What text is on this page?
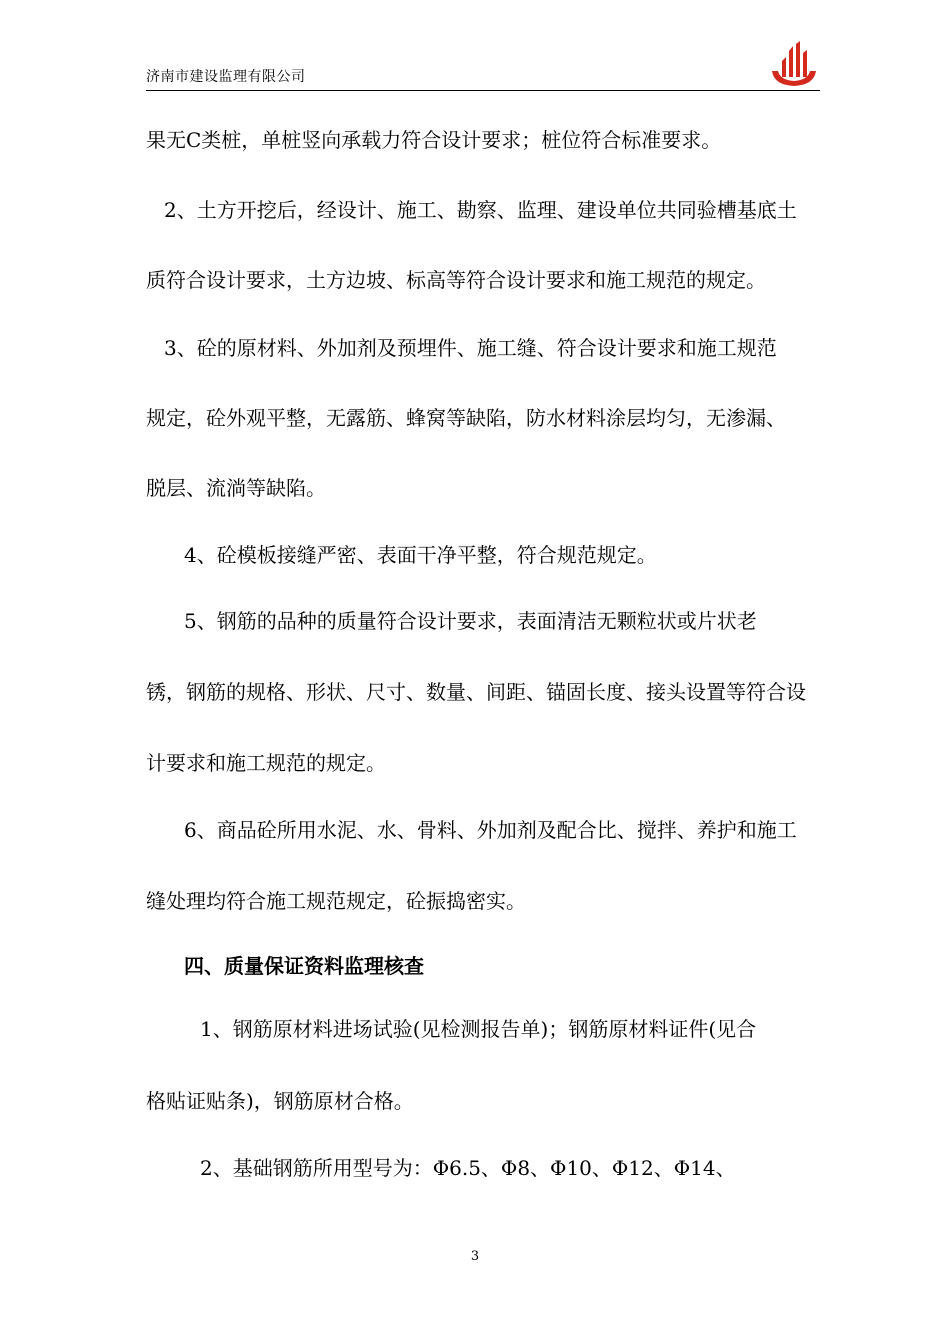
济南市建设监理有限公司
果无C类桩，单桩竖向承载力符合设计要求；桩位符合标准要求。
2、土方开挖后，经设计、施工、勘察、监理、建设单位共同验槽基底土
质符合设计要求，土方边坡、标高等符合设计要求和施工规范的规定。
3、砼的原材料、外加剂及预埋件、施工缝、符合设计要求和施工规范
规定，砼外观平整，无露筋、蜂窝等缺陷，防水材料涂层均匀，无渗漏、
脱层、流淌等缺陷。
4、砼模板接缝严密、表面干净平整，符合规范规定。
5、钢筋的品种的质量符合设计要求，表面清洁无颗粒状或片状老
锈，钢筋的规格、形状、尺寸、数量、间距、锚固长度、接头设置等符合设
计要求和施工规范的规定。
6、商品砼所用水泥、水、骨料、外加剂及配合比、搅拌、养护和施工
缝处理均符合施工规范规定，砼振捣密实。
四、质量保证资料监理核查
1、钢筋原材料进场试验(见检测报告单)；钢筋原材料证件(见合
格贴证贴条)，钢筋原材合格。
2、基础钢筋所用型号为：Φ6.5、Φ8、Φ10、Φ12、Φ14、
3
